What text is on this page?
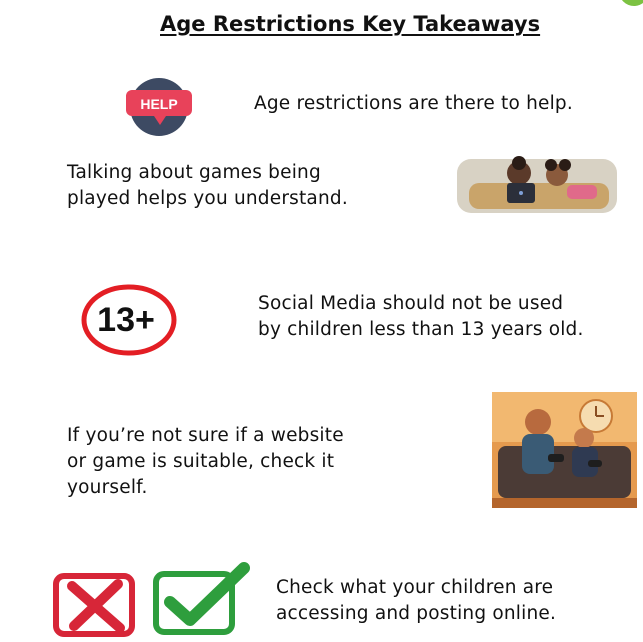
Age Restrictions Key Takeaways
HELP	Age restrictions are there to help.
Talking about games being
played helps you understand.
13+	Social Media should not be used
by children less than 13 years old.
If you’re not sure if a website
or game is suitable, check it
yourself.
Check what your children are
accessing and posting online.
